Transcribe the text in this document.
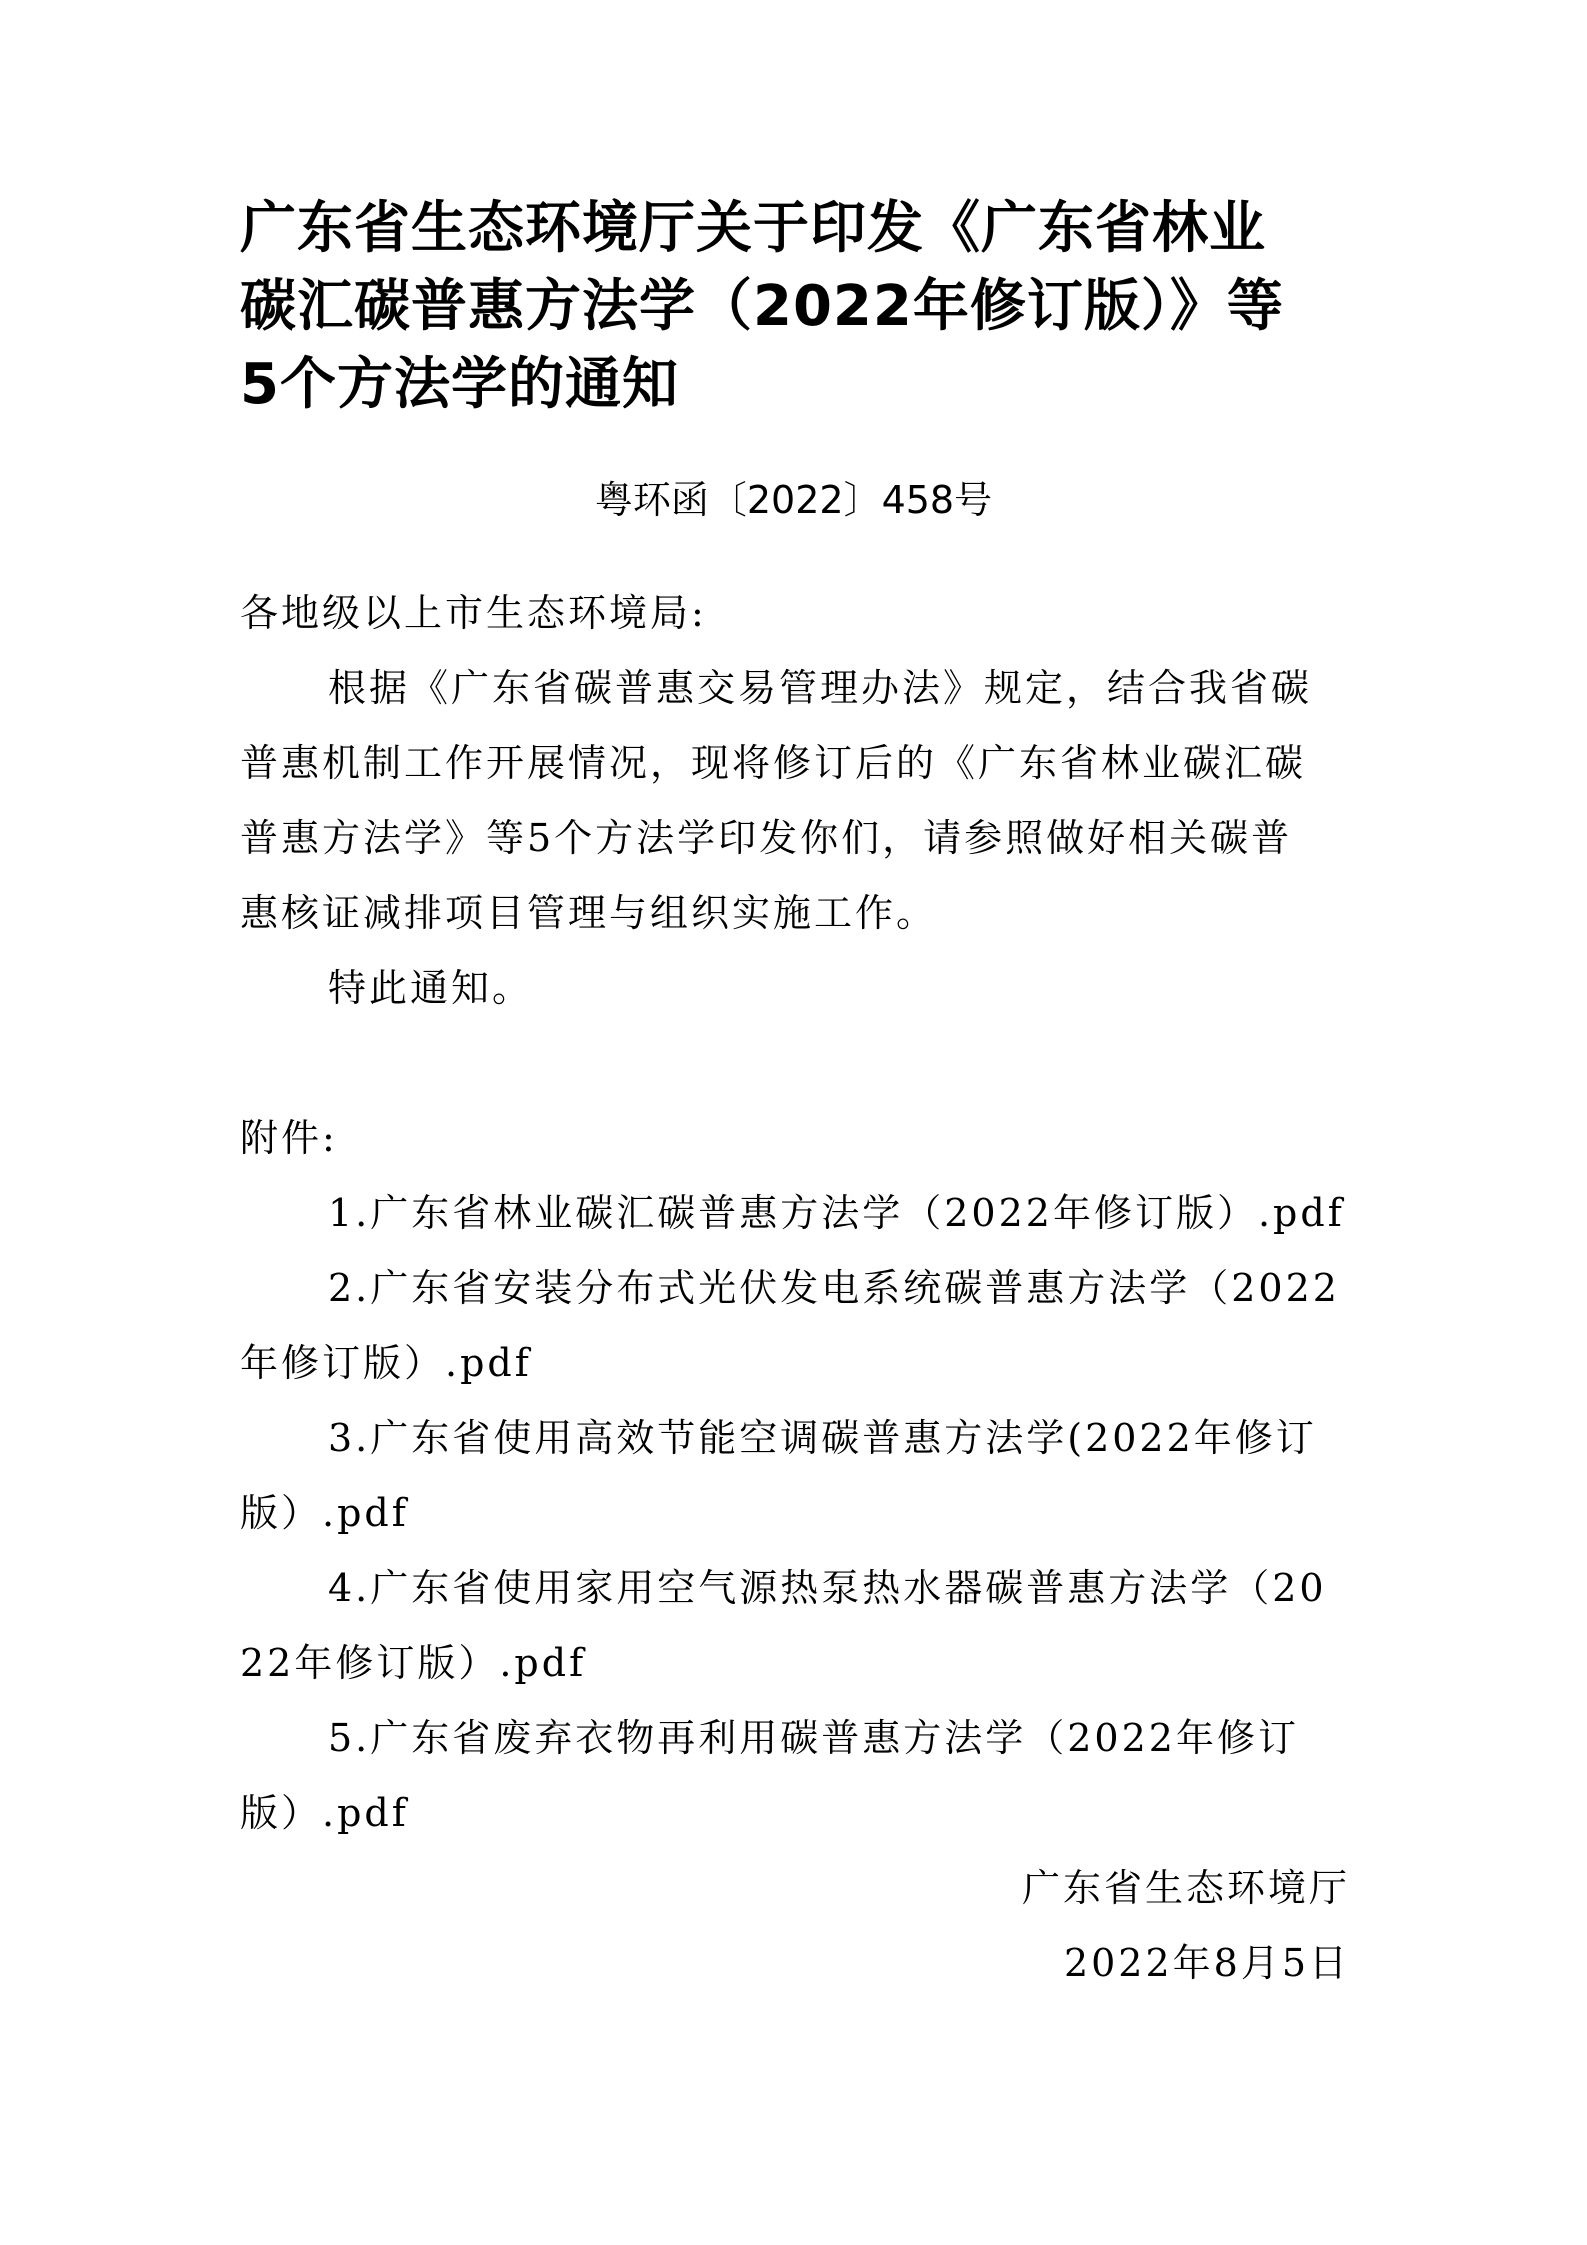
广东省生态环境厅关于印发《广东省林业
碳汇碳普惠方法学（2022年修订版）》等
5个方法学的通知
粤环函〔2022〕458号
各地级以上市生态环境局:
根据《广东省碳普惠交易管理办法》规定，结合我省碳
普惠机制工作开展情况，现将修订后的《广东省林业碳汇碳
普惠方法学》等5个方法学印发你们，请参照做好相关碳普
惠核证减排项目管理与组织实施工作。
特此通知。
附件:
1.广东省林业碳汇碳普惠方法学（2022年修订版）.pdf
2.广东省安装分布式光伏发电系统碳普惠方法学（2022
年修订版）.pdf
3.广东省使用高效节能空调碳普惠方法学(2022年修订
版）.pdf
4.广东省使用家用空气源热泵热水器碳普惠方法学（20
22年修订版）.pdf
5.广东省废弃衣物再利用碳普惠方法学（2022年修订
版）.pdf
广东省生态环境厅
2022年8月5日
